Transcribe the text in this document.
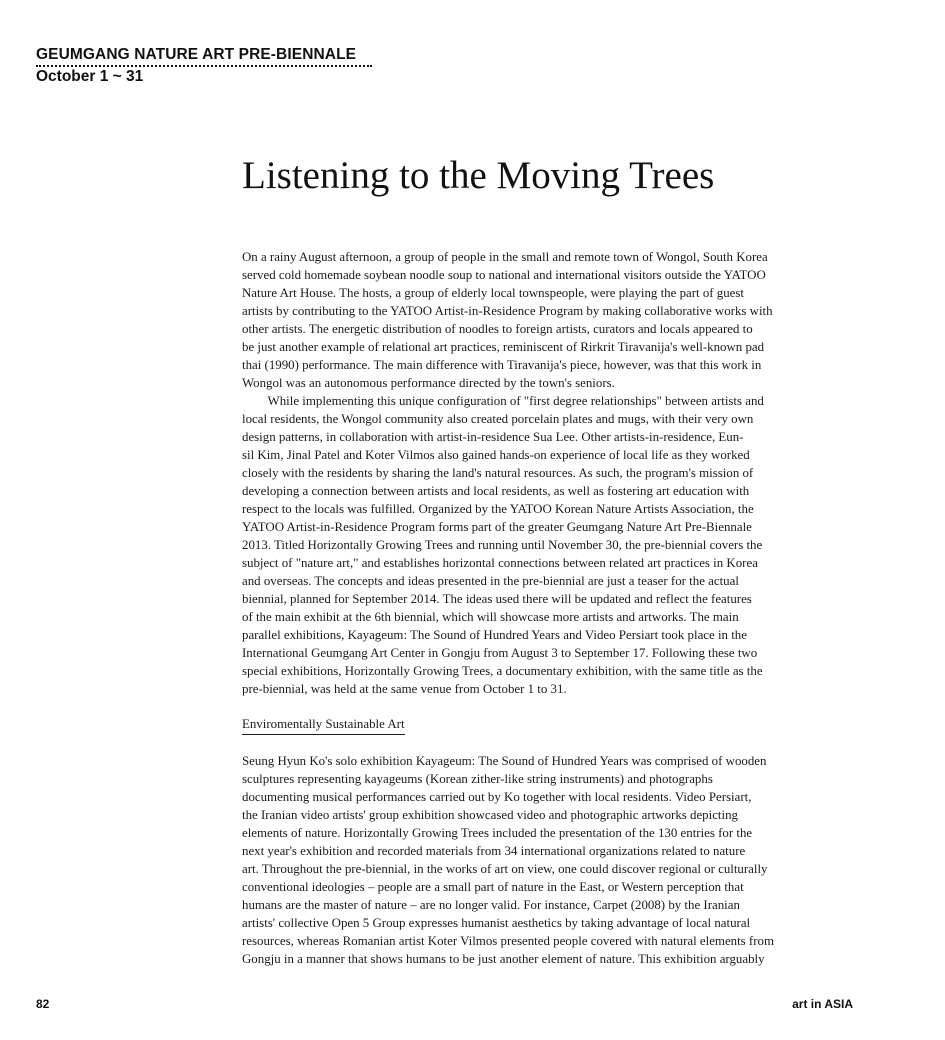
GEUMGANG NATURE ART PRE-BIENNALE
October 1 ~ 31
Listening to the Moving Trees
On a rainy August afternoon, a group of people in the small and remote town of Wongol, South Korea
served cold homemade soybean noodle soup to national and international visitors outside the YATOO
Nature Art House. The hosts, a group of elderly local townspeople, were playing the part of guest
artists by contributing to the YATOO Artist-in-Residence Program by making collaborative works with
other artists. The energetic distribution of noodles to foreign artists, curators and locals appeared to
be just another example of relational art practices, reminiscent of Rirkrit Tiravanija's well-known pad
thai (1990) performance. The main difference with Tiravanija's piece, however, was that this work in
Wongol was an autonomous performance directed by the town's seniors.
While implementing this unique configuration of "first degree relationships" between artists and
local residents, the Wongol community also created porcelain plates and mugs, with their very own
design patterns, in collaboration with artist-in-residence Sua Lee. Other artists-in-residence, Eun-
sil Kim, Jinal Patel and Koter Vilmos also gained hands-on experience of local life as they worked
closely with the residents by sharing the land's natural resources. As such, the program's mission of
developing a connection between artists and local residents, as well as fostering art education with
respect to the locals was fulfilled. Organized by the YATOO Korean Nature Artists Association, the
YATOO Artist-in-Residence Program forms part of the greater Geumgang Nature Art Pre-Biennale
2013. Titled Horizontally Growing Trees and running until November 30, the pre-biennial covers the
subject of "nature art," and establishes horizontal connections between related art practices in Korea
and overseas. The concepts and ideas presented in the pre-biennial are just a teaser for the actual
biennial, planned for September 2014. The ideas used there will be updated and reflect the features
of the main exhibit at the 6th biennial, which will showcase more artists and artworks. The main
parallel exhibitions, Kayageum: The Sound of Hundred Years and Video Persiart took place in the
International Geumgang Art Center in Gongju from August 3 to September 17. Following these two
special exhibitions, Horizontally Growing Trees, a documentary exhibition, with the same title as the
pre-biennial, was held at the same venue from October 1 to 31.
Enviromentally Sustainable Art
Seung Hyun Ko's solo exhibition Kayageum: The Sound of Hundred Years was comprised of wooden
sculptures representing kayageums (Korean zither-like string instruments) and photographs
documenting musical performances carried out by Ko together with local residents. Video Persiart,
the Iranian video artists' group exhibition showcased video and photographic artworks depicting
elements of nature. Horizontally Growing Trees included the presentation of the 130 entries for the
next year's exhibition and recorded materials from 34 international organizations related to nature
art. Throughout the pre-biennial, in the works of art on view, one could discover regional or culturally
conventional ideologies – people are a small part of nature in the East, or Western perception that
humans are the master of nature – are no longer valid. For instance, Carpet (2008) by the Iranian
artists' collective Open 5 Group expresses humanist aesthetics by taking advantage of local natural
resources, whereas Romanian artist Koter Vilmos presented people covered with natural elements from
Gongju in a manner that shows humans to be just another element of nature. This exhibition arguably
82	art in ASIA
